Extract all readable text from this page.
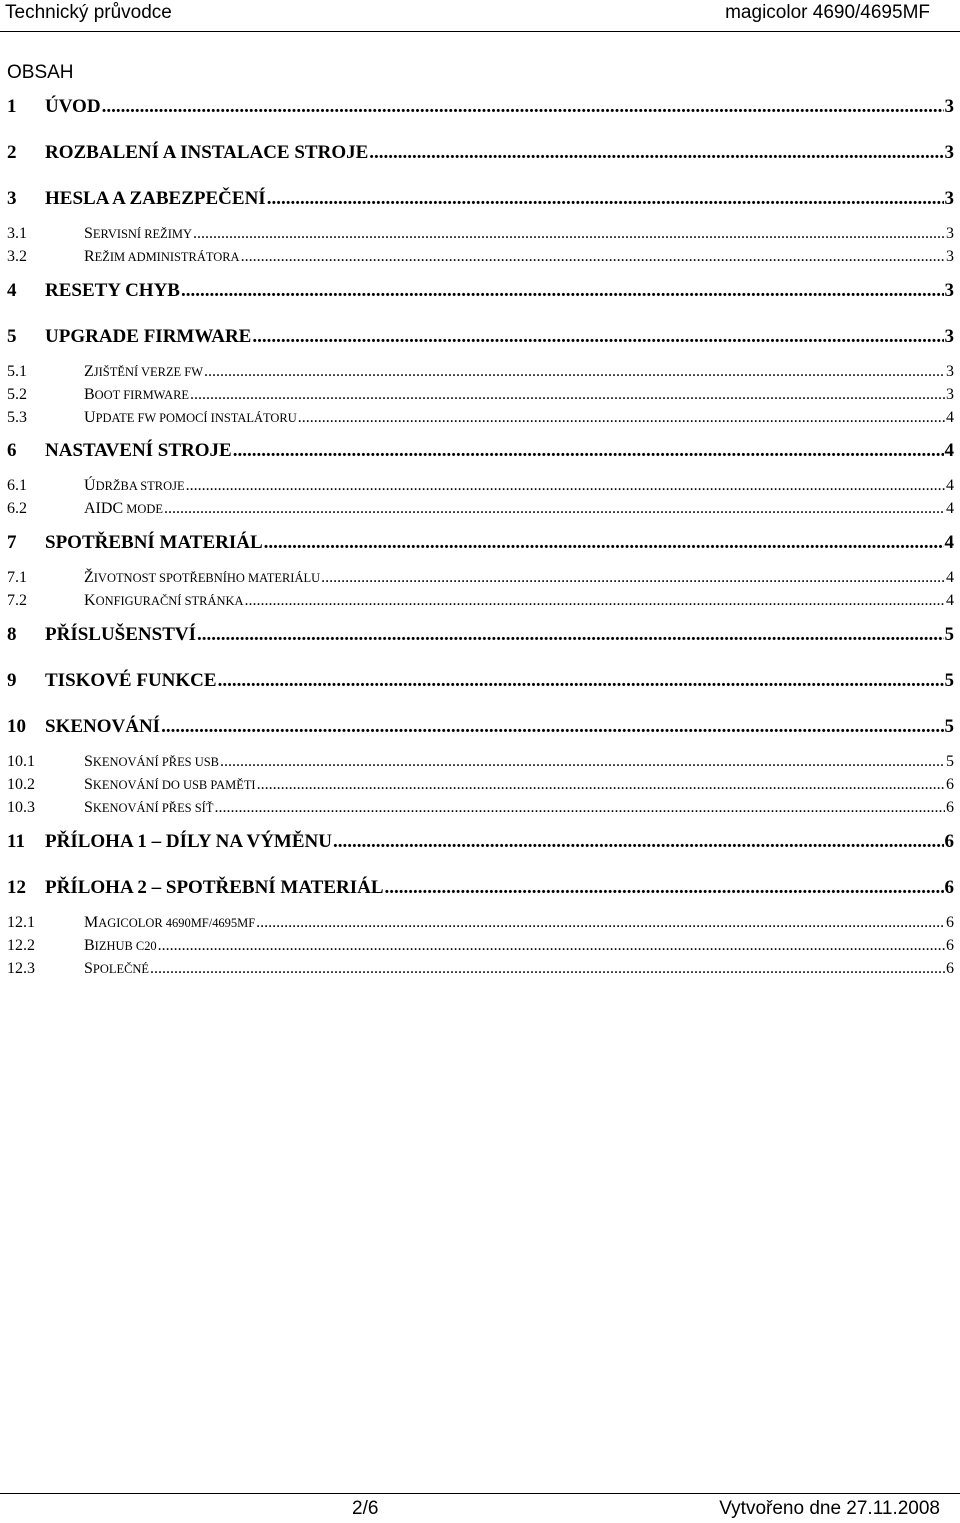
Technický průvodce	magicolor 4690/4695MF
OBSAH
1	ÚVOD .....	3
2	ROZBALENÍ A INSTALACE STROJE .....	3
3	HESLA A ZABEZPEČENÍ .....	3
3.1	SERVISNÍ REŽIMY .....	3
3.2	REŽIM ADMINISTRÁTORA .....	3
4	RESETY CHYB .....	3
5	UPGRADE FIRMWARE .....	3
5.1	ZJIŠTĚNÍ VERZE FW .....	3
5.2	BOOT FIRMWARE .....	3
5.3	UPDATE FW POMOCÍ INSTALÁTORU .....	4
6	NASTAVENÍ STROJE .....	4
6.1	ÚDRŽBA STROJE .....	4
6.2	AIDC MODE .....	4
7	SPOTŘEBNÍ MATERIÁL .....	4
7.1	ŽIVOTNOST SPOTŘEBNÍHO MATERIÁLU .....	4
7.2	KONFIGURAČNÍ STRÁNKA .....	4
8	PŘÍSLUŠENSTVÍ .....	5
9	TISKOVÉ FUNKCE .....	5
10	SKENOVÁNÍ .....	5
10.1	SKENOVÁNÍ PŘES USB .....	5
10.2	SKENOVÁNÍ DO USB PAMĚTI .....	6
10.3	SKENOVÁNÍ PŘES SÍŤ .....	6
11	PŘÍLOHA 1 – DÍLY NA VÝMĚNU .....	6
12	PŘÍLOHA 2 – SPOTŘEBNÍ MATERIÁL .....	6
12.1	MAGICOLOR 4690MF/4695MF .....	6
12.2	BIZHUB C20 .....	6
12.3	SPOLEČNÉ .....	6
2/6	Vytvořeno dne 27.11.2008
